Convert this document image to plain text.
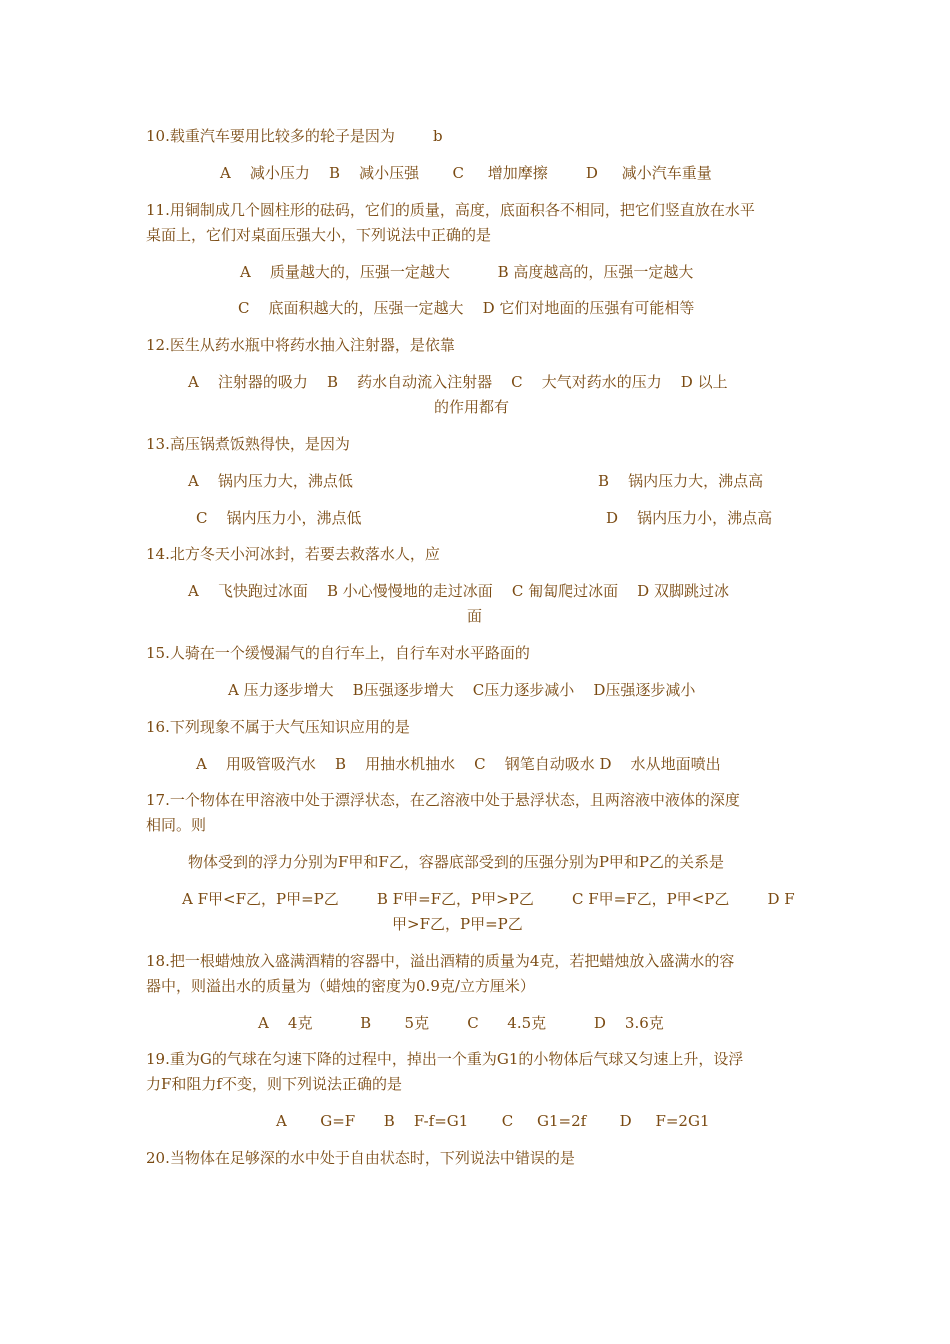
10.载重汽车要用比较多的轮子是因为        b
A    减小压力    B    减小压强       C     增加摩擦        D     减小汽车重量
11.用铜制成几个圆柱形的砝码，它们的质量，高度，底面积各不相同，把它们竖直放在水平
桌面上，它们对桌面压强大小，下列说法中正确的是
A    质量越大的，压强一定越大          B 高度越高的，压强一定越大
C    底面积越大的，压强一定越大    D 它们对地面的压强有可能相等
12.医生从药水瓶中将药水抽入注射器，是依靠
A    注射器的吸力    B    药水自动流入注射器    C    大气对药水的压力    D 以上
的作用都有
13.高压锅煮饭熟得快，是因为
A    锅内压力大，沸点低	B    锅内压力大，沸点高
C    锅内压力小，沸点低	D    锅内压力小，沸点高
14.北方冬天小河冰封，若要去救落水人，应
A    飞快跑过冰面    B 小心慢慢地的走过冰面    C 匍匐爬过冰面    D 双脚跳过冰
面
15.人骑在一个缓慢漏气的自行车上，自行车对水平路面的
A 压力逐步增大    B压强逐步增大    C压力逐步减小    D压强逐步减小
16.下列现象不属于大气压知识应用的是
A    用吸管吸汽水    B    用抽水机抽水    C    钢笔自动吸水 D    水从地面喷出
17.一个物体在甲溶液中处于漂浮状态，在乙溶液中处于悬浮状态，且两溶液中液体的深度
相同。则
物体受到的浮力分别为F甲和F乙，容器底部受到的压强分别为P甲和P乙的关系是
A F甲<F乙，P甲=P乙        B F甲=F乙，P甲>P乙        C F甲=F乙，P甲<P乙        D F
甲>F乙，P甲=P乙
18.把一根蜡烛放入盛满酒精的容器中，溢出酒精的质量为4克，若把蜡烛放入盛满水的容
器中，则溢出水的质量为（蜡烛的密度为0.9克/立方厘米）
A    4克          B       5克        C      4.5克          D    3.6克
19.重为G的气球在匀速下降的过程中，掉出一个重为G1的小物体后气球又匀速上升，设浮
力F和阻力f不变，则下列说法正确的是
A       G=F      B    F-f=G1       C     G1=2f       D     F=2G1
20.当物体在足够深的水中处于自由状态时，下列说法中错误的是
